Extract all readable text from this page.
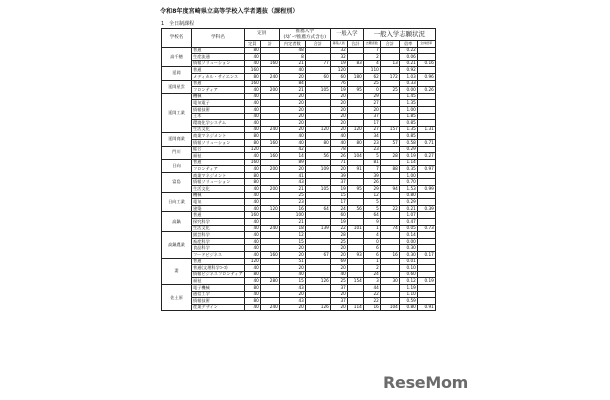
令和8年度宮崎県立高等学校入学者選抜（課程別）
1　全日制課程
学校名	学科名	定員		推薦入学
(ｽﾎﾟｰﾂ推薦方式含む)		一般入学		一般入学志願状況			
		定員	計	内定者数	合計	募集人員	合計	志願者数	合計	倍率	全体倍率
高千穂	普通	80		48		32		7		0.22	
	生産流通	40		8		32		2		0.06	
	情報ソリューション	40	160	21	77	19	83	4	13	0.21	0.16
延岡	普通	160		40		120		110		0.92	
	メディカル・サイエンス	80	240	20	60	60	180	62	172	1.03	0.96
延岡星雲	普通	160		84		76		25		0.33	
	フロンティア	40	200	21	105	19	95	0	25	0.00	0.26
延岡工業	機械	40		20		20		29		1.45	
	電気電子	40		20		20		27		1.35	
	情報技術	40		20		20		20		1.00	
	土木	40		20		20		37		1.85	
	環境化学システム	40		20		20		17		0.85	
	生活文化	40	240	20	120	20	120	27	157	1.35	1.31
延岡商業	商業マネジメント	80		40		40		34		0.85	
	情報ソリューション	80	160	40	80	40	80	23	57	0.58	0.71
門川	総合	120		42		78		23		0.29	
	福祉	40	160	14	56	26	104	5	28	0.19	0.27
日向	普通	160		89		71		81		1.14	
	フロンティア	40	200	20	109	20	91	7	88	0.35	0.97
富島	商業マネジメント	80		41		39		39		1.00	
	情報ソリューション	80		43		37		26		0.70	
	生活文化	40	200	21	105	19	95	29	94	1.53	0.99
日向工業	機械	40		25		15		12		0.80	
	電気	40		23		17		5		0.29	
	建築	40	120	16	64	24	56	5	22	0.21	0.39
高鍋	普通	160		100		60		64		1.07	
	探究科学	40		21		19		9		0.47	
	生活文化	40	240	18	139	22	101	1	74	0.05	0.73
高鍋農業	園芸科学	40		12		28		4		0.14	
	畜産科学	40		15		25		0		0.00	
	食品科学	40		20		20		6		0.30	
	フードビジネス	40	160	20	67	20	93	6	16	0.30	0.17
妻	普通	120		51		69		1		0.01	
	普通(文理科学ｺｰｽ)	40		20		20		2		0.10	
	情報ビジネスフロンティア	80		40		40		24		0.60	
	福祉	40	280	15	126	25	154	3	30	0.12	0.19
佐土原	電子機械	80		43		37		44		1.19	
	通信工学	40		20		20		22		1.10	
	情報技術	80		43		37		22		0.59	
	産業デザイン	40	240	20	126	20	114	16	104	0.80	0.91
ReseMom
